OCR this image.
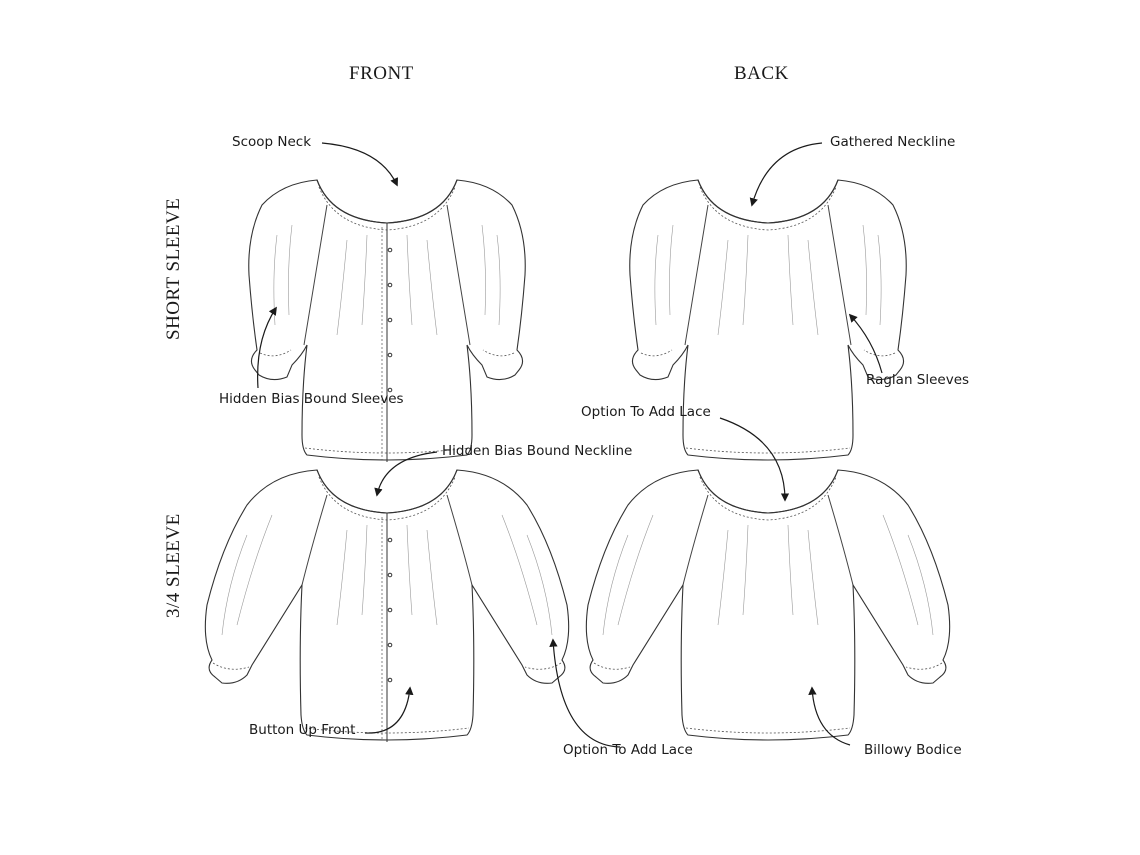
FRONT	BACK
SHORT SLEEVE
3/4 SLEEVE
Scoop Neck	Gathered Neckline
Hidden Bias Bound Sleeves
Raglan Sleeves
Option To Add Lace
Hidden Bias Bound Neckline
Button Up Front
Option To Add Lace	Billowy Bodice
